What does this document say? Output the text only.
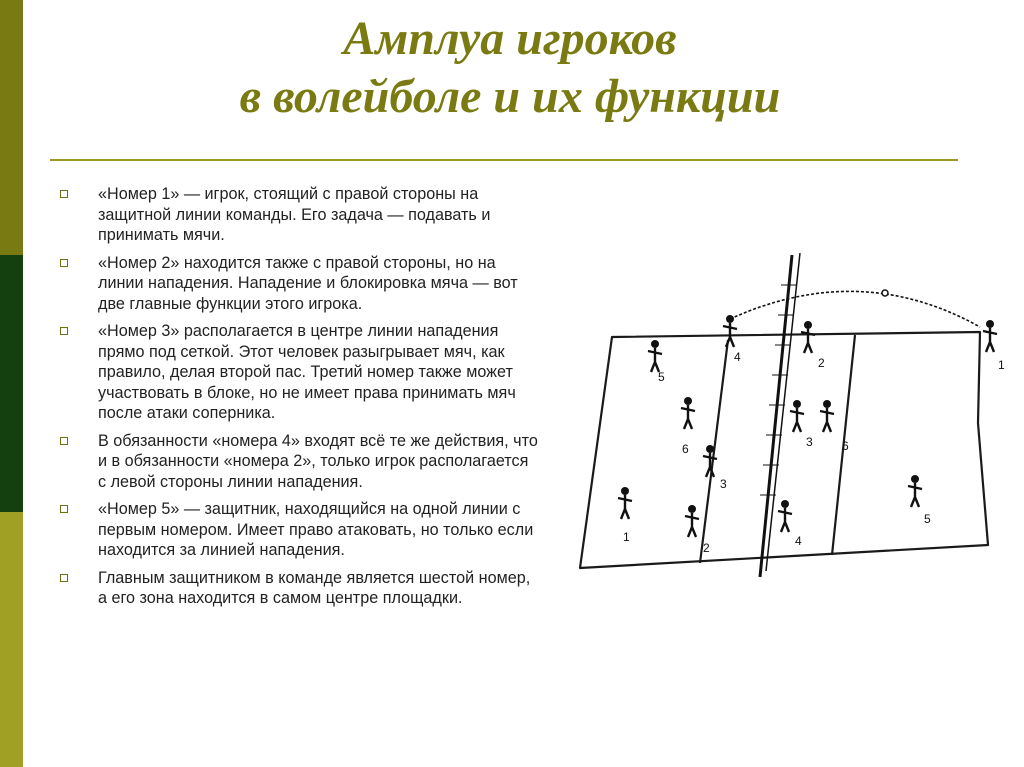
Амплуа игроков
в волейболе и их функции
«Номер 1» — игрок, стоящий с правой стороны на защитной линии команды. Его задача — подавать и принимать мячи.
«Номер 2» находится также с правой стороны, но на линии нападения. Нападение и блокировка мяча — вот две главные функции этого игрока.
«Номер 3» располагается в центре линии нападения прямо под сеткой. Этот человек разыгрывает мяч, как правило, делая второй пас. Третий номер также может участвовать в блоке, но не имеет права принимать мяч после атаки соперника.
В обязанности «номера 4» входят всё те же действия, что и в обязанности «номера 2», только игрок располагается с левой стороны линии нападения.
«Номер 5» — защитник, находящийся на одной линии с первым номером. Имеет право атаковать, но только если находится за линией нападения.
Главным защитником в команде является шестой номер, а его зона находится в самом центре площадки.
4
5
6
3
1
2
2
3 6
4
5
1
